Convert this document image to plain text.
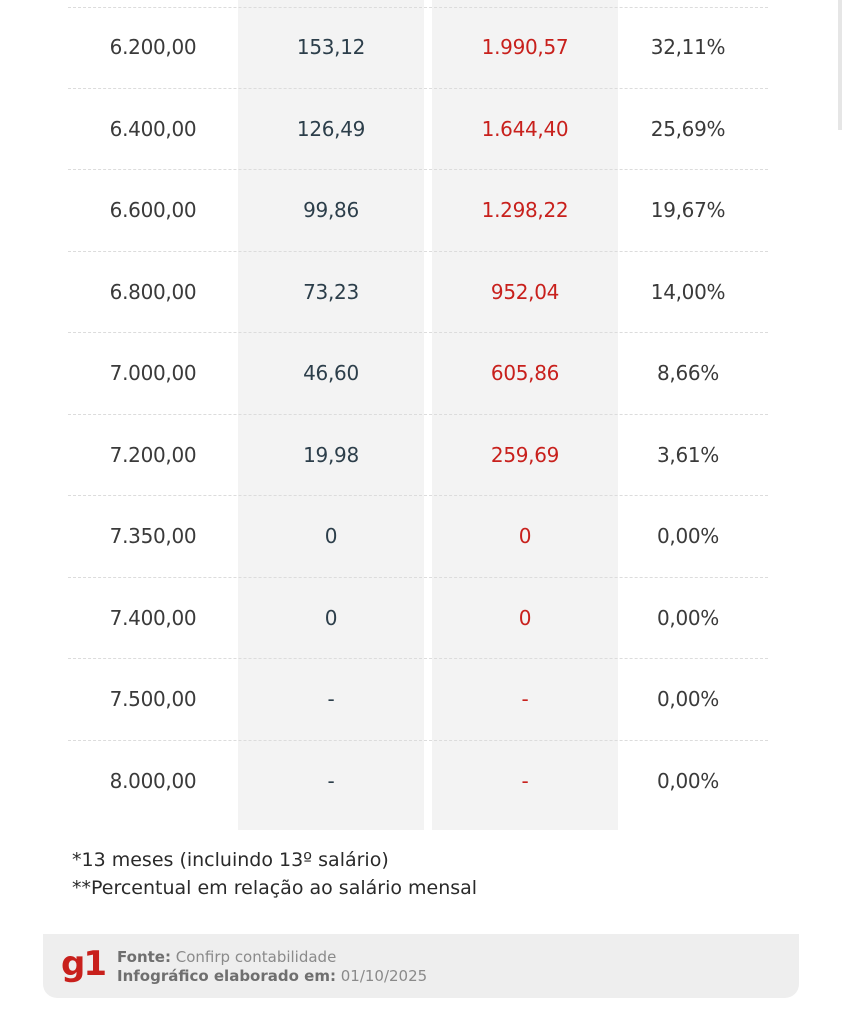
6.200,00	153,12	1.990,57	32,11%
6.400,00	126,49	1.644,40	25,69%
6.600,00	99,86	1.298,22	19,67%
6.800,00	73,23	952,04	14,00%
7.000,00	46,60	605,86	8,66%
7.200,00	19,98	259,69	3,61%
7.350,00	0	0	0,00%
7.400,00	0	0	0,00%
7.500,00	-	-	0,00%
8.000,00	-	-	0,00%
*13 meses (incluindo 13º salário)
**Percentual em relação ao salário mensal
g1 Fonte: Confirp contabilidade
Infográfico elaborado em: 01/10/2025
